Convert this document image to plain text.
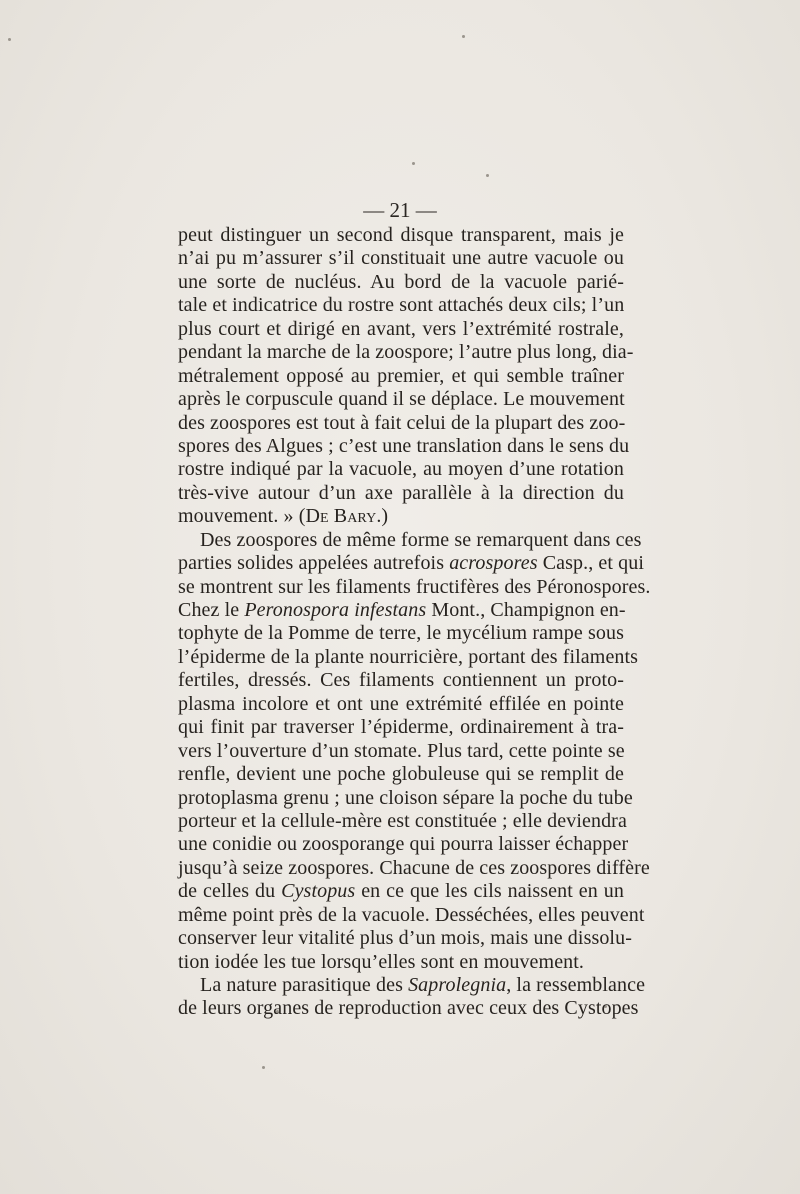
— 21 —
peut distinguer un second disque transparent, mais je
n’ai pu m’assurer s’il constituait une autre vacuole ou
une sorte de nucléus. Au bord de la vacuole parié-
tale et indicatrice du rostre sont attachés deux cils; l’un
plus court et dirigé en avant, vers l’extrémité rostrale,
pendant la marche de la zoospore; l’autre plus long, dia-
métralement opposé au premier, et qui semble traîner
après le corpuscule quand il se déplace. Le mouvement
des zoospores est tout à fait celui de la plupart des zoo-
spores des Algues ; c’est une translation dans le sens du
rostre indiqué par la vacuole, au moyen d’une rotation
très-vive autour d’un axe parallèle à la direction du
mouvement. » (De Bary.)
Des zoospores de même forme se remarquent dans ces
parties solides appelées autrefois acrospores Casp., et qui
se montrent sur les filaments fructifères des Péronospores.
Chez le Peronospora infestans Mont., Champignon en-
tophyte de la Pomme de terre, le mycélium rampe sous
l’épiderme de la plante nourricière, portant des filaments
fertiles, dressés. Ces filaments contiennent un proto-
plasma incolore et ont une extrémité effilée en pointe
qui finit par traverser l’épiderme, ordinairement à tra-
vers l’ouverture d’un stomate. Plus tard, cette pointe se
renfle, devient une poche globuleuse qui se remplit de
protoplasma grenu ; une cloison sépare la poche du tube
porteur et la cellule-mère est constituée ; elle deviendra
une conidie ou zoosporange qui pourra laisser échapper
jusqu’à seize zoospores. Chacune de ces zoospores diffère
de celles du Cystopus en ce que les cils naissent en un
même point près de la vacuole. Desséchées, elles peuvent
conserver leur vitalité plus d’un mois, mais une dissolu-
tion iodée les tue lorsqu’elles sont en mouvement.
La nature parasitique des Saprolegnia, la ressemblance
de leurs organes de reproduction avec ceux des Cystopes
